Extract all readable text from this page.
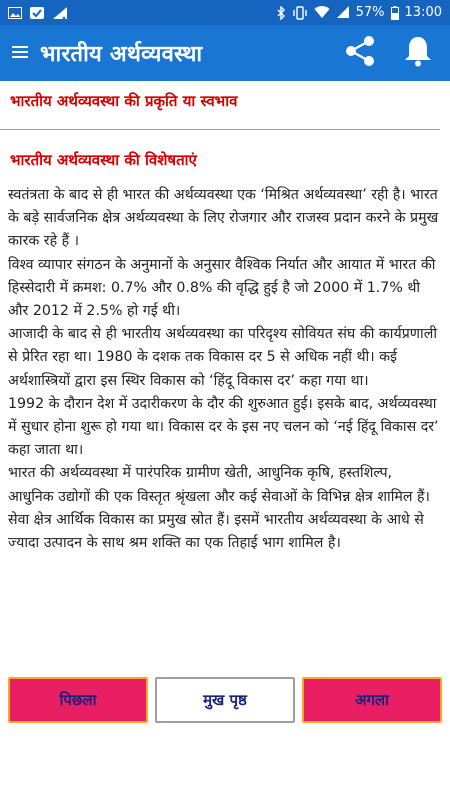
57% 13:00
भारतीय अर्थव्यवस्था
भारतीय अर्थव्यवस्था की प्रकृति या स्वभाव
भारतीय अर्थव्यवस्था की विशेषताएं

स्वतंत्रता के बाद से ही भारत की अर्थव्यवस्था एक ‘मिश्रित अर्थव्यवस्था’ रही है। भारत के बड़े सार्वजनिक क्षेत्र अर्थव्यवस्था के लिए रोजगार और राजस्व प्रदान करने के प्रमुख कारक रहे हैं ।

विश्व व्यापार संगठन के अनुमानों के अनुसार वैश्विक निर्यात और आयात में भारत की हिस्सेदारी में क्रमश: 0.7% और 0.8% की वृद्धि हुई है जो 2000 में 1.7% थी और 2012 में 2.5% हो गई थी।

आजादी के बाद से ही भारतीय अर्थव्यवस्था का परिदृश्य सोवियत संघ की कार्यप्रणाली से प्रेरित रहा था। 1980 के दशक तक विकास दर 5 से अधिक नहीं थी। कई अर्थशास्त्रियों द्वारा इस स्थिर विकास को ‘हिंदू विकास दर’ कहा गया था।

1992 के दौरान देश में उदारीकरण के दौर की शुरुआत हुई। इसके बाद, अर्थव्यवस्था में सुधार होना शुरू हो गया था। विकास दर के इस नए चलन को ‘नई हिंदू विकास दर’ कहा जाता था।

भारत की अर्थव्यवस्था में पारंपरिक ग्रामीण खेती, आधुनिक कृषि, हस्तशिल्प, आधुनिक उद्योगों की एक विस्तृत श्रृंखला और कई सेवाओं के विभिन्न क्षेत्र शामिल हैं।

सेवा क्षेत्र आर्थिक विकास का प्रमुख स्रोत हैं। इसमें भारतीय अर्थव्यवस्था के आधे से ज्यादा उत्पादन के साथ श्रम शक्ति का एक तिहाई भाग शामिल है।

पिछला	मुख पृष्ठ	अगला
